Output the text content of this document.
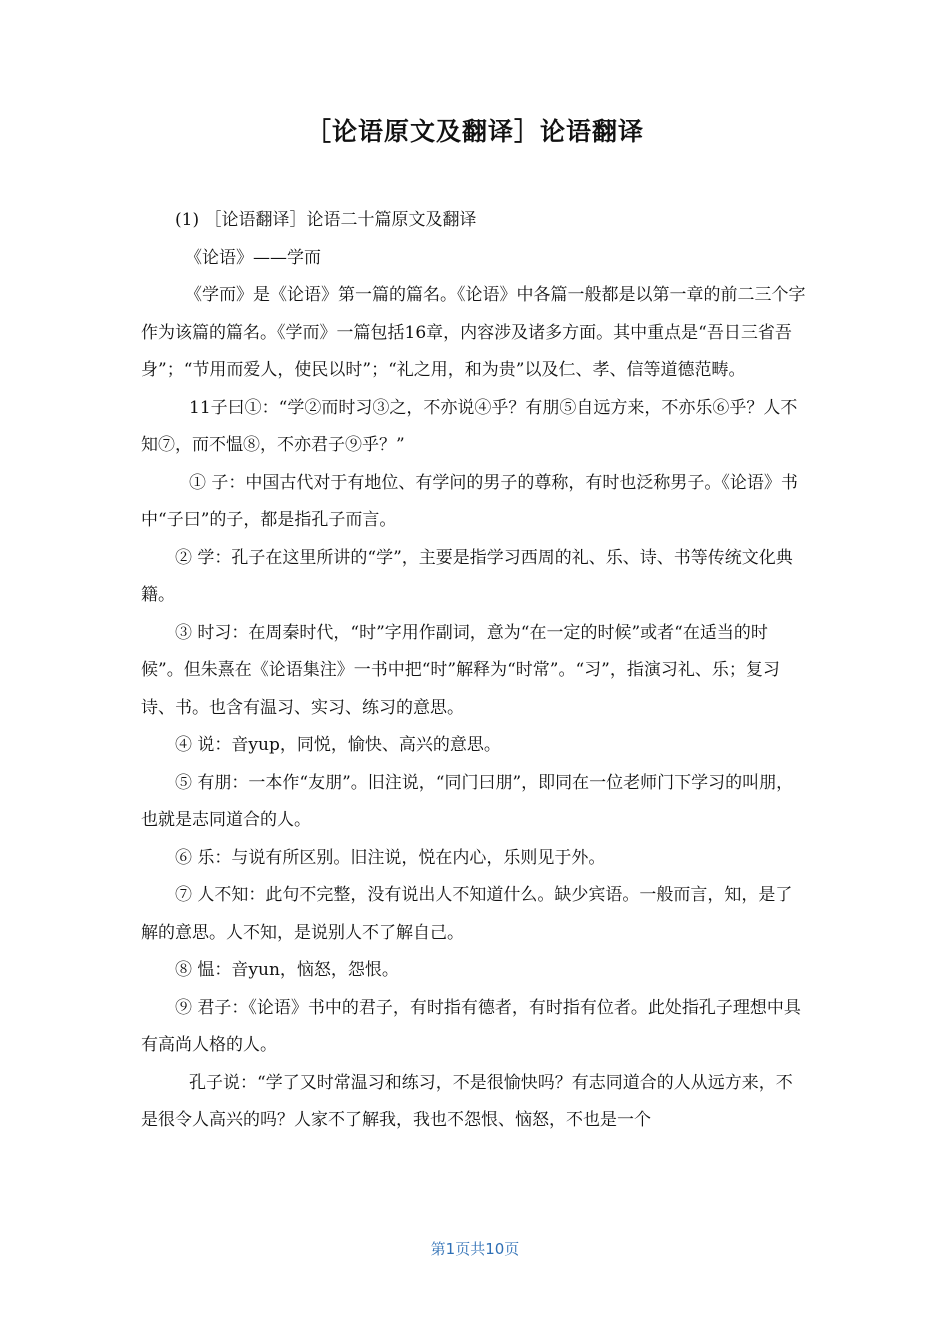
［论语原文及翻译］论语翻译

(1) ［论语翻译］论语二十篇原文及翻译

《论语》——学而

《学而》是《论语》第一篇的篇名。《论语》中各篇一般都是以第一章的前二三个字作为该篇的篇名。《学而》一篇包括16章，内容涉及诸多方面。其中重点是“吾日三省吾身”；“节用而爱人，使民以时”；“礼之用，和为贵”以及仁、孝、信等道德范畴。

11子曰①：“学②而时习③之，不亦说④乎？有朋⑤自远方来，不亦乐⑥乎？人不知⑦，而不愠⑧，不亦君子⑨乎？”

① 子：中国古代对于有地位、有学问的男子的尊称，有时也泛称男子。《论语》书中“子曰”的子，都是指孔子而言。

② 学：孔子在这里所讲的“学”，主要是指学习西周的礼、乐、诗、书等传统文化典籍。

③ 时习：在周秦时代，“时”字用作副词，意为“在一定的时候”或者“在适当的时候”。但朱熹在《论语集注》一书中把“时”解释为“时常”。“习”，指演习礼、乐；复习诗、书。也含有温习、实习、练习的意思。

④ 说：音yup，同悦，愉快、高兴的意思。

⑤ 有朋：一本作“友朋”。旧注说，“同门曰朋”，即同在一位老师门下学习的叫朋，也就是志同道合的人。

⑥ 乐：与说有所区别。旧注说，悦在内心，乐则见于外。

⑦ 人不知：此句不完整，没有说出人不知道什么。缺少宾语。一般而言，知，是了解的意思。人不知，是说别人不了解自己。

⑧ 愠：音yun，恼怒，怨恨。

⑨ 君子：《论语》书中的君子，有时指有德者，有时指有位者。此处指孔子理想中具有高尚人格的人。

孔子说：“学了又时常温习和练习，不是很愉快吗？有志同道合的人从远方来，不是很令人高兴的吗？人家不了解我，我也不怨恨、恼怒，不也是一个

第1页共10页
